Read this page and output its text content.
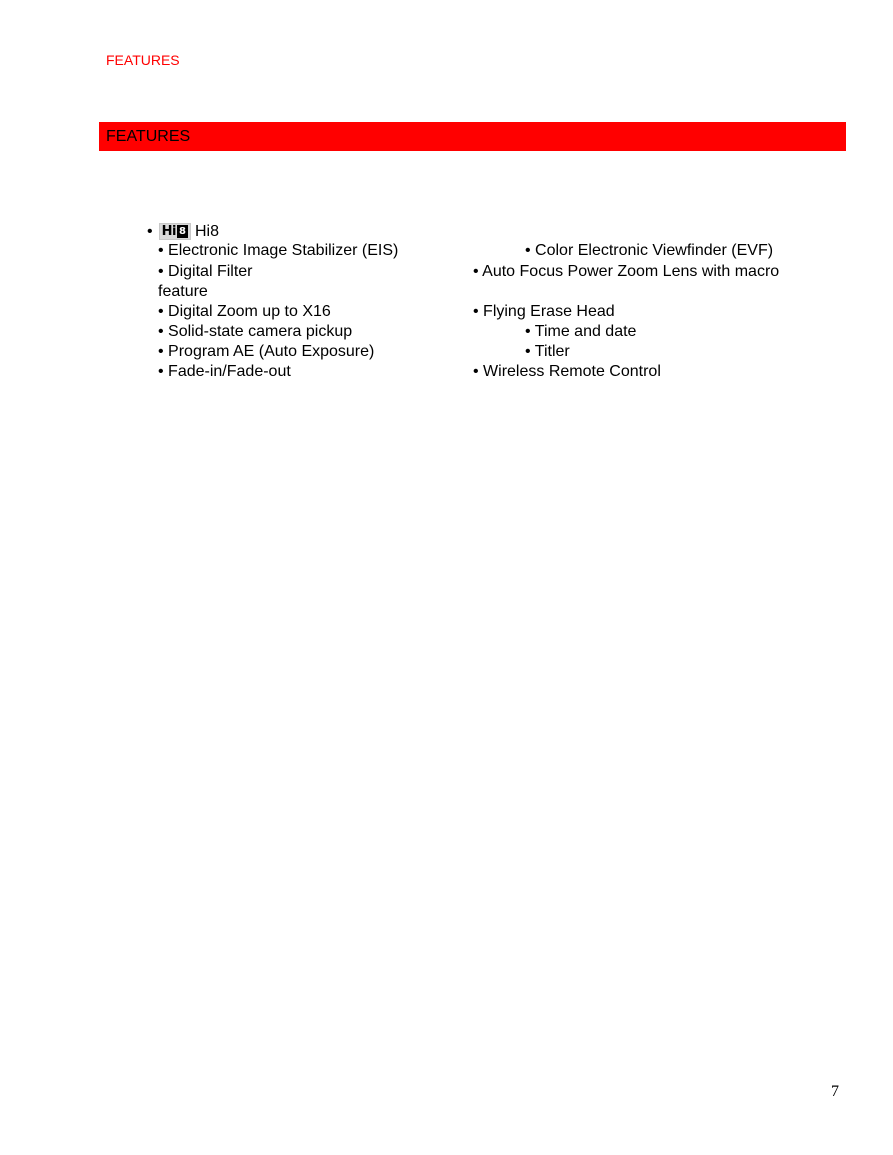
FEATURES
FEATURES
• Hi 8 Hi8
• Electronic Image Stabilizer (EIS)
• Digital Filter
feature
• Digital Zoom up to X16
• Solid-state camera pickup
• Program AE (Auto Exposure)
• Fade-in/Fade-out
• Color Electronic Viewfinder (EVF)
• Auto Focus Power Zoom Lens with macro
• Flying Erase Head
• Time and date
• Titler
• Wireless Remote Control
7
